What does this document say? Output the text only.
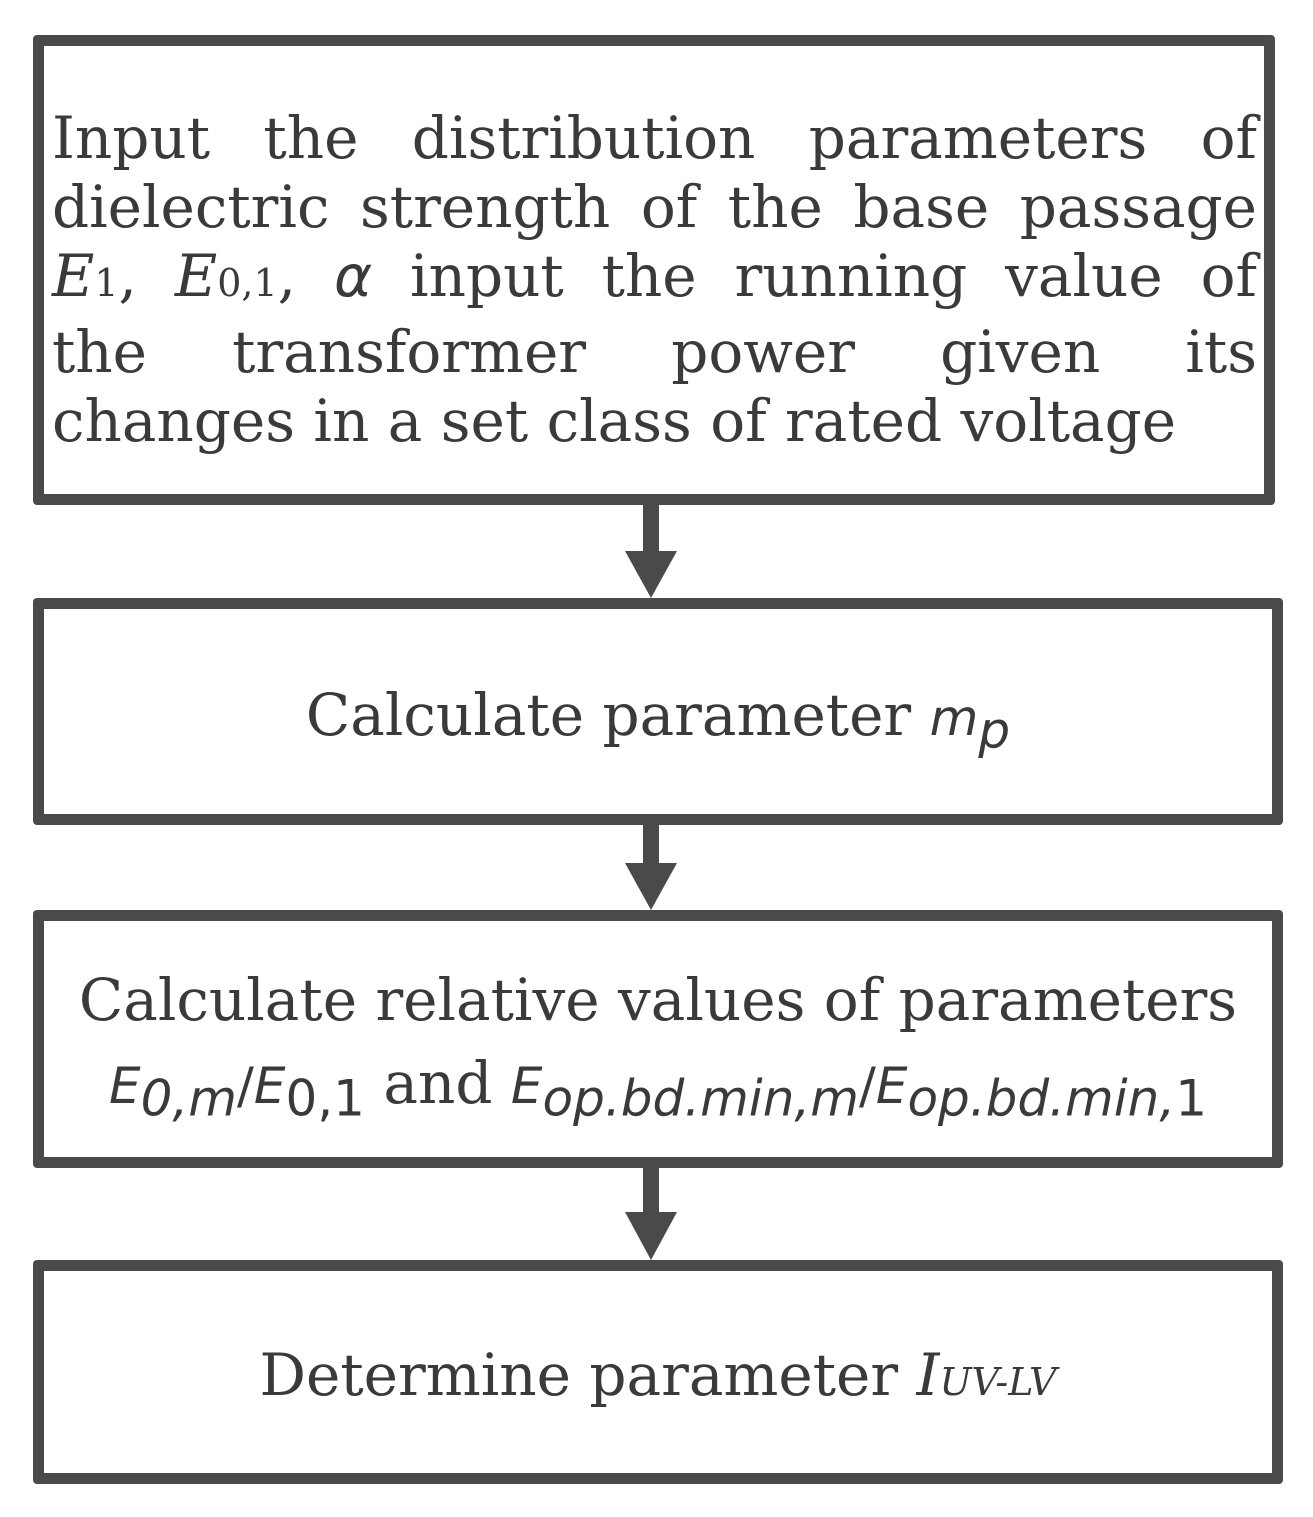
Input the distribution parameters of
dielectric strength of the base passage
E1, E0,1, α input the running value of
the transformer power given its
changes in a set class of rated voltage
Calculate parameter $m_p$
Calculate relative values of parameters
$E_{0,m}/E_{0,1}$ and $E_{op.bd.min,m}/E_{op.bd.min,1}$
Determine parameter IUV-LV
